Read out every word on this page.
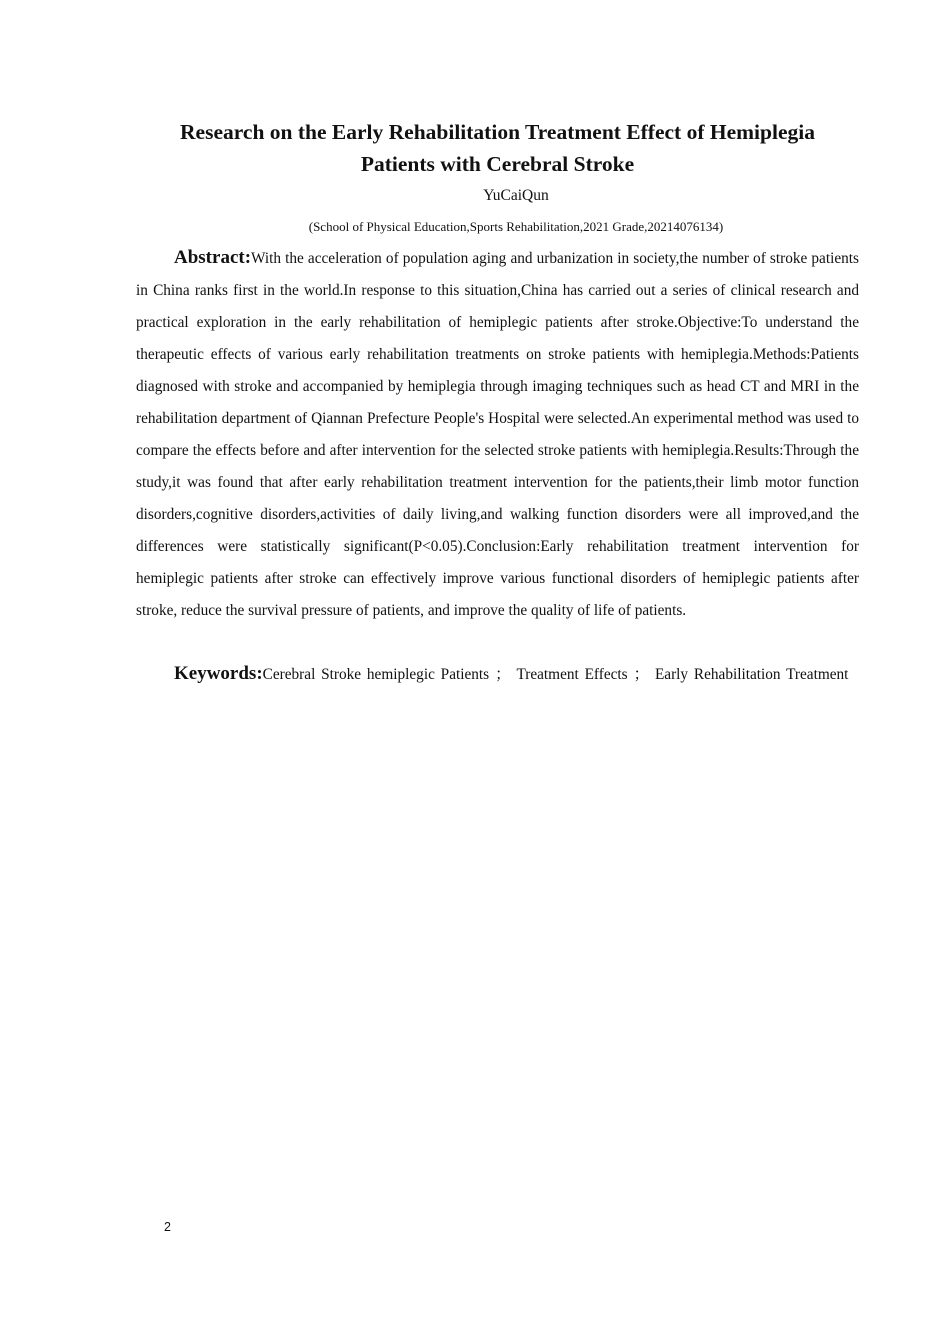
Research on the Early Rehabilitation Treatment Effect of Hemiplegia
Patients with Cerebral Stroke
YuCaiQun
(School of Physical Education,Sports Rehabilitation,2021 Grade,20214076134)

Abstract:With the acceleration of population aging and urbanization in society,the number of stroke patients in China ranks first in the world.In response to this situation,China has carried out a series of clinical research and practical exploration in the early rehabilitation of hemiplegic patients after stroke.Objective:To understand the therapeutic effects of various early rehabilitation treatments on stroke patients with hemiplegia.Methods:Patients diagnosed with stroke and accompanied by hemiplegia through imaging techniques such as head CT and MRI in the rehabilitation department of Qiannan Prefecture People's Hospital were selected.An experimental method was used to compare the effects before and after intervention for the selected stroke patients with hemiplegia.Results:Through the study,it was found that after early rehabilitation treatment intervention for the patients,their limb motor function disorders,cognitive disorders,activities of daily living,and walking function disorders were all improved,and the differences were statistically significant(P<0.05).Conclusion:Early rehabilitation treatment intervention for hemiplegic patients after stroke can effectively improve various functional disorders of hemiplegic patients after stroke, reduce the survival pressure of patients, and improve the quality of life of patients.

Keywords:Cerebral Stroke hemiplegic Patients ； Treatment Effects ； Early Rehabilitation Treatment

2
